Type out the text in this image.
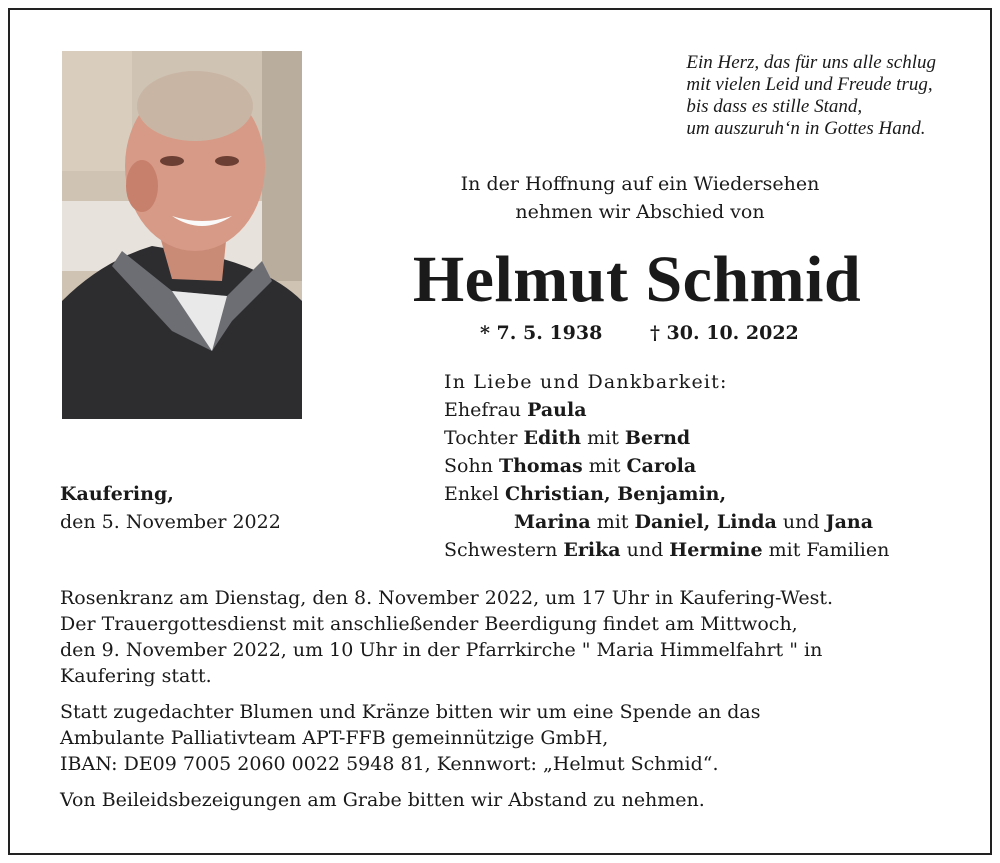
Ein Herz, das für uns alle schlug
mit vielen Leid und Freude trug,
bis dass es stille Stand,
um auszuruh‘n in Gottes Hand.
In der Hoffnung auf ein Wiedersehen
nehmen wir Abschied von
Helmut Schmid
* 7. 5. 1938	† 30. 10. 2022
In Liebe und Dankbarkeit:
Ehefrau Paula
Tochter Edith mit Bernd
Sohn Thomas mit Carola
Enkel Christian, Benjamin,
Marina mit Daniel, Linda und Jana
Schwestern Erika und Hermine mit Familien
Kaufering,
den 5. November 2022

Rosenkranz am Dienstag, den 8. November 2022, um 17 Uhr in Kaufering-West.
Der Trauergottesdienst mit anschließender Beerdigung findet am Mittwoch,
den 9. November 2022, um 10 Uhr in der Pfarrkirche " Maria Himmelfahrt " in
Kaufering statt.

Statt zugedachter Blumen und Kränze bitten wir um eine Spende an das
Ambulante Palliativteam APT-FFB gemeinnützige GmbH,
IBAN: DE09 7005 2060 0022 5948 81, Kennwort: „Helmut Schmid“.

Von Beileidsbezeigungen am Grabe bitten wir Abstand zu nehmen.
